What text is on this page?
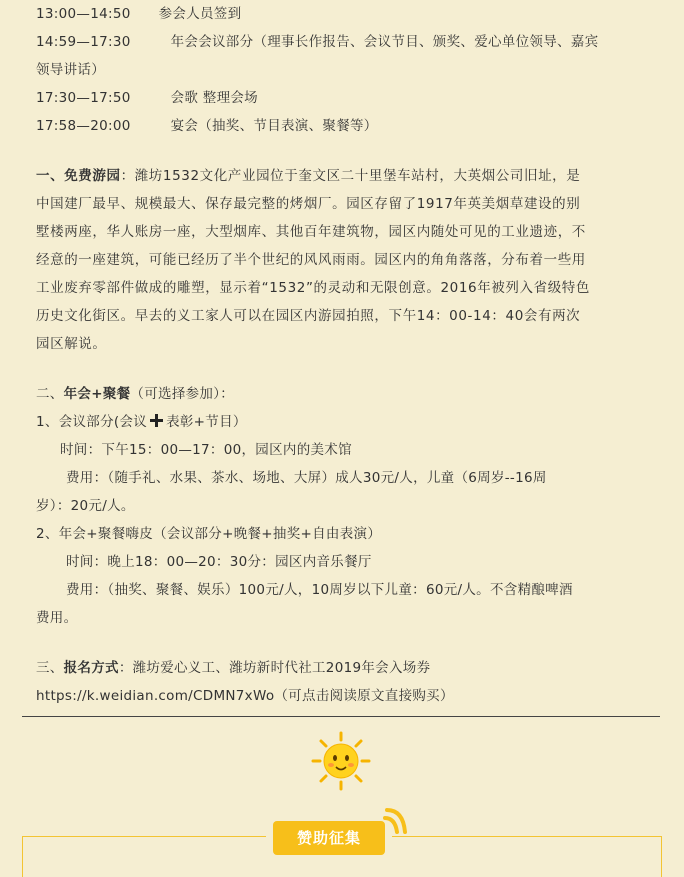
13:00—14:50 参会人员签到
14:59—17:30	年会会议部分（理事长作报告、会议节目、颁奖、爱心单位领导、嘉宾
领导讲话）
17:30—17:50	会歌 整理会场
17:58—20:00	宴会（抽奖、节目表演、聚餐等）
一、免费游园：潍坊1532文化产业园位于奎文区二十里堡车站村，大英烟公司旧址，是
中国建厂最早、规模最大、保存最完整的烤烟厂。园区存留了1917年英美烟草建设的别
墅楼两座，华人账房一座，大型烟库、其他百年建筑物，园区内随处可见的工业遗迹，不
经意的一座建筑，可能已经历了半个世纪的风风雨雨。园区内的角角落落，分布着一些用
工业废弃零部件做成的雕塑，显示着“1532”的灵动和无限创意。2016年被列入省级特色
历史文化街区。早去的义工家人可以在园区内游园拍照，下午14：00-14：40会有两次
园区解说。
二、年会+聚餐（可选择参加）：
1、会议部分(会议 表彰+节目）
时间：下午15：00—17：00，园区内的美术馆
费用：（随手礼、水果、茶水、场地、大屏）成人30元/人，儿童（6周岁--16周
岁）：20元/人。
2、年会+聚餐嗨皮（会议部分+晚餐+抽奖+自由表演）
时间：晚上18：00—20：30分：园区内音乐餐厅
费用：（抽奖、聚餐、娱乐）100元/人，10周岁以下儿童：60元/人。不含精酿啤酒
费用。
三、报名方式：潍坊爱心义工、潍坊新时代社工2019年会入场券
https://k.weidian.com/CDMN7xWo（可点击阅读原文直接购买）
赞助征集
